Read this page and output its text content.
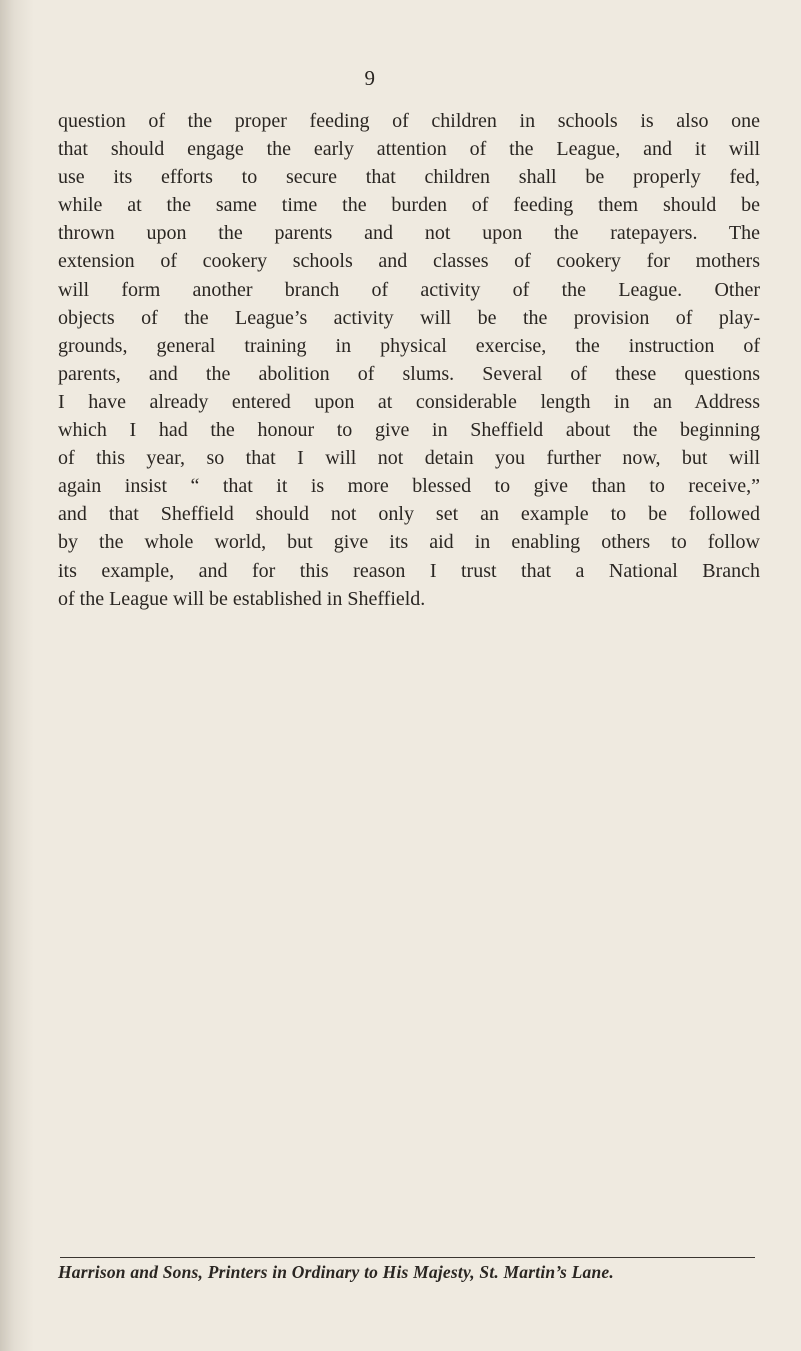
9
question of the proper feeding of children in schools is also one
that should engage the early attention of the League, and it will
use its efforts to secure that children shall be properly fed,
while at the same time the burden of feeding them should be
thrown upon the parents and not upon the ratepayers. The
extension of cookery schools and classes of cookery for mothers
will form another branch of activity of the League. Other
objects of the League’s activity will be the provision of play-
grounds, general training in physical exercise, the instruction of
parents, and the abolition of slums. Several of these questions
I have already entered upon at considerable length in an Address
which I had the honour to give in Sheffield about the beginning
of this year, so that I will not detain you further now, but will
again insist “ that it is more blessed to give than to receive,”
and that Sheffield should not only set an example to be followed
by the whole world, but give its aid in enabling others to follow
its example, and for this reason I trust that a National Branch
of the League will be established in Sheffield.
Harrison and Sons, Printers in Ordinary to His Majesty, St. Martin’s Lane.
